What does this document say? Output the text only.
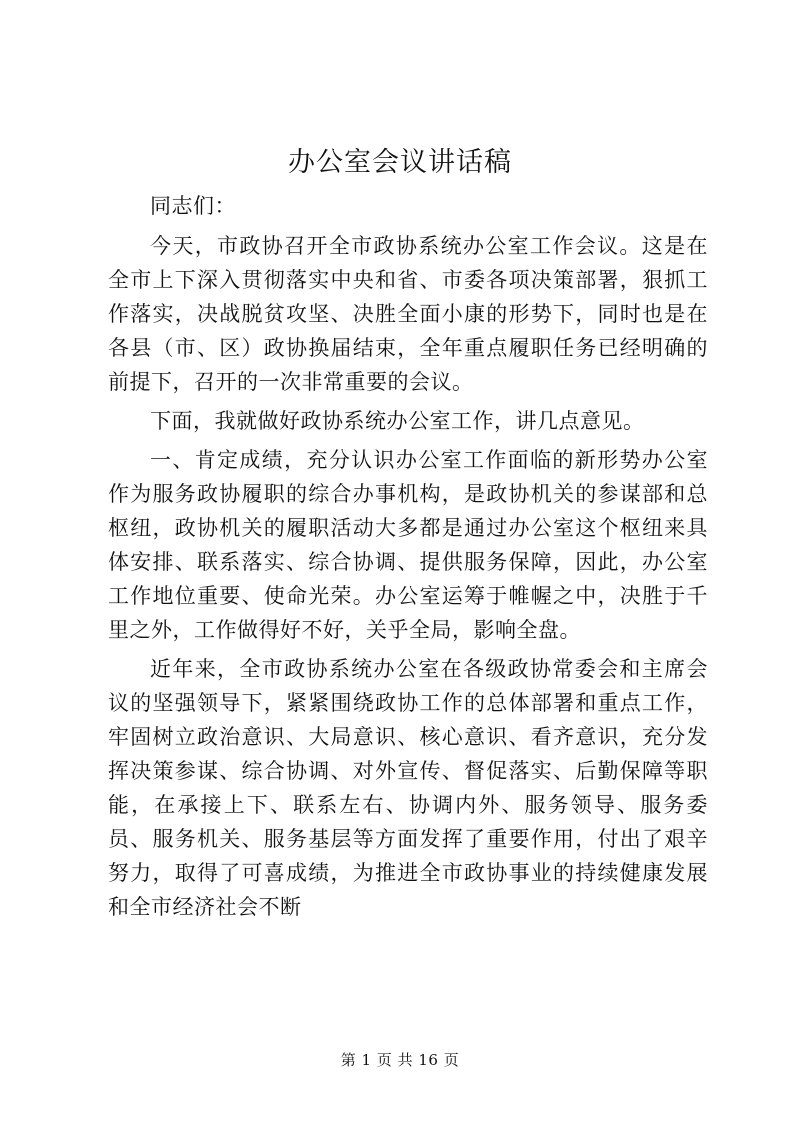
办公室会议讲话稿

同志们：

今天，市政协召开全市政协系统办公室工作会议。这是在全市上下深入贯彻落实中央和省、市委各项决策部署，狠抓工作落实，决战脱贫攻坚、决胜全面小康的形势下，同时也是在各县（市、区）政协换届结束，全年重点履职任务已经明确的前提下，召开的一次非常重要的会议。

下面，我就做好政协系统办公室工作，讲几点意见。

一、肯定成绩，充分认识办公室工作面临的新形势办公室作为服务政协履职的综合办事机构，是政协机关的参谋部和总枢纽，政协机关的履职活动大多都是通过办公室这个枢纽来具体安排、联系落实、综合协调、提供服务保障，因此，办公室工作地位重要、使命光荣。办公室运筹于帷幄之中，决胜于千里之外，工作做得好不好，关乎全局，影响全盘。

近年来，全市政协系统办公室在各级政协常委会和主席会议的坚强领导下，紧紧围绕政协工作的总体部署和重点工作，牢固树立政治意识、大局意识、核心意识、看齐意识，充分发挥决策参谋、综合协调、对外宣传、督促落实、后勤保障等职能，在承接上下、联系左右、协调内外、服务领导、服务委员、服务机关、服务基层等方面发挥了重要作用，付出了艰辛努力，取得了可喜成绩，为推进全市政协事业的持续健康发展和全市经济社会不断

第 1 页 共 16 页
